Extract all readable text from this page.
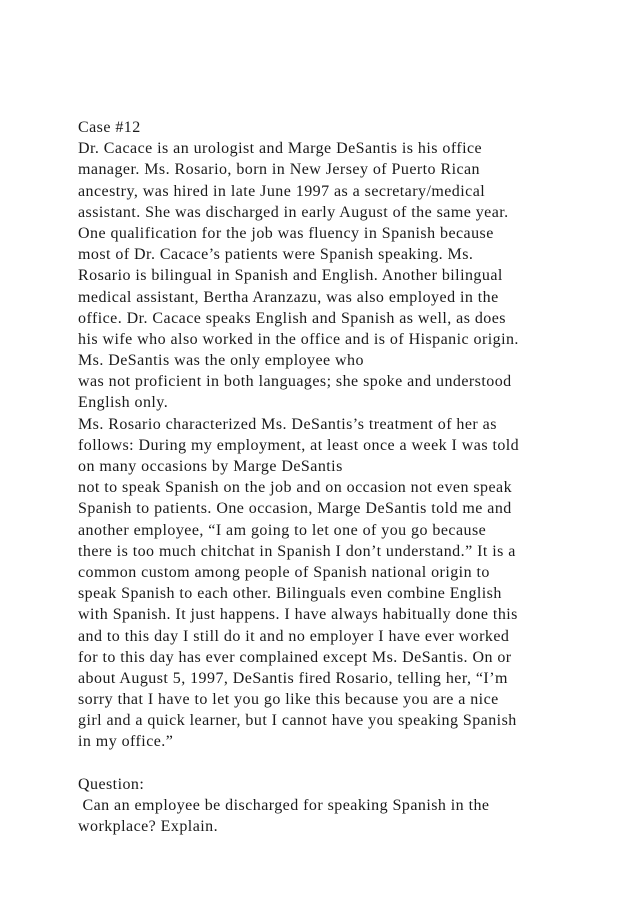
Case #12
Dr. Cacace is an urologist and Marge DeSantis is his office
manager. Ms. Rosario, born in New Jersey of Puerto Rican
ancestry, was hired in late June 1997 as a secretary/medical
assistant. She was discharged in early August of the same year.
One qualification for the job was fluency in Spanish because
most of Dr. Cacace’s patients were Spanish speaking. Ms.
Rosario is bilingual in Spanish and English. Another bilingual
medical assistant, Bertha Aranzazu, was also employed in the
office. Dr. Cacace speaks English and Spanish as well, as does
his wife who also worked in the office and is of Hispanic origin.
Ms. DeSantis was the only employee who
was not proficient in both languages; she spoke and understood
English only.
Ms. Rosario characterized Ms. DeSantis’s treatment of her as
follows: During my employment, at least once a week I was told
on many occasions by Marge DeSantis
not to speak Spanish on the job and on occasion not even speak
Spanish to patients. One occasion, Marge DeSantis told me and
another employee, “I am going to let one of you go because
there is too much chitchat in Spanish I don’t understand.” It is a
common custom among people of Spanish national origin to
speak Spanish to each other. Bilinguals even combine English
with Spanish. It just happens. I have always habitually done this
and to this day I still do it and no employer I have ever worked
for to this day has ever complained except Ms. DeSantis. On or
about August 5, 1997, DeSantis fired Rosario, telling her, “I’m
sorry that I have to let you go like this because you are a nice
girl and a quick learner, but I cannot have you speaking Spanish
in my office.”
Question:
Can an employee be discharged for speaking Spanish in the
workplace? Explain.
